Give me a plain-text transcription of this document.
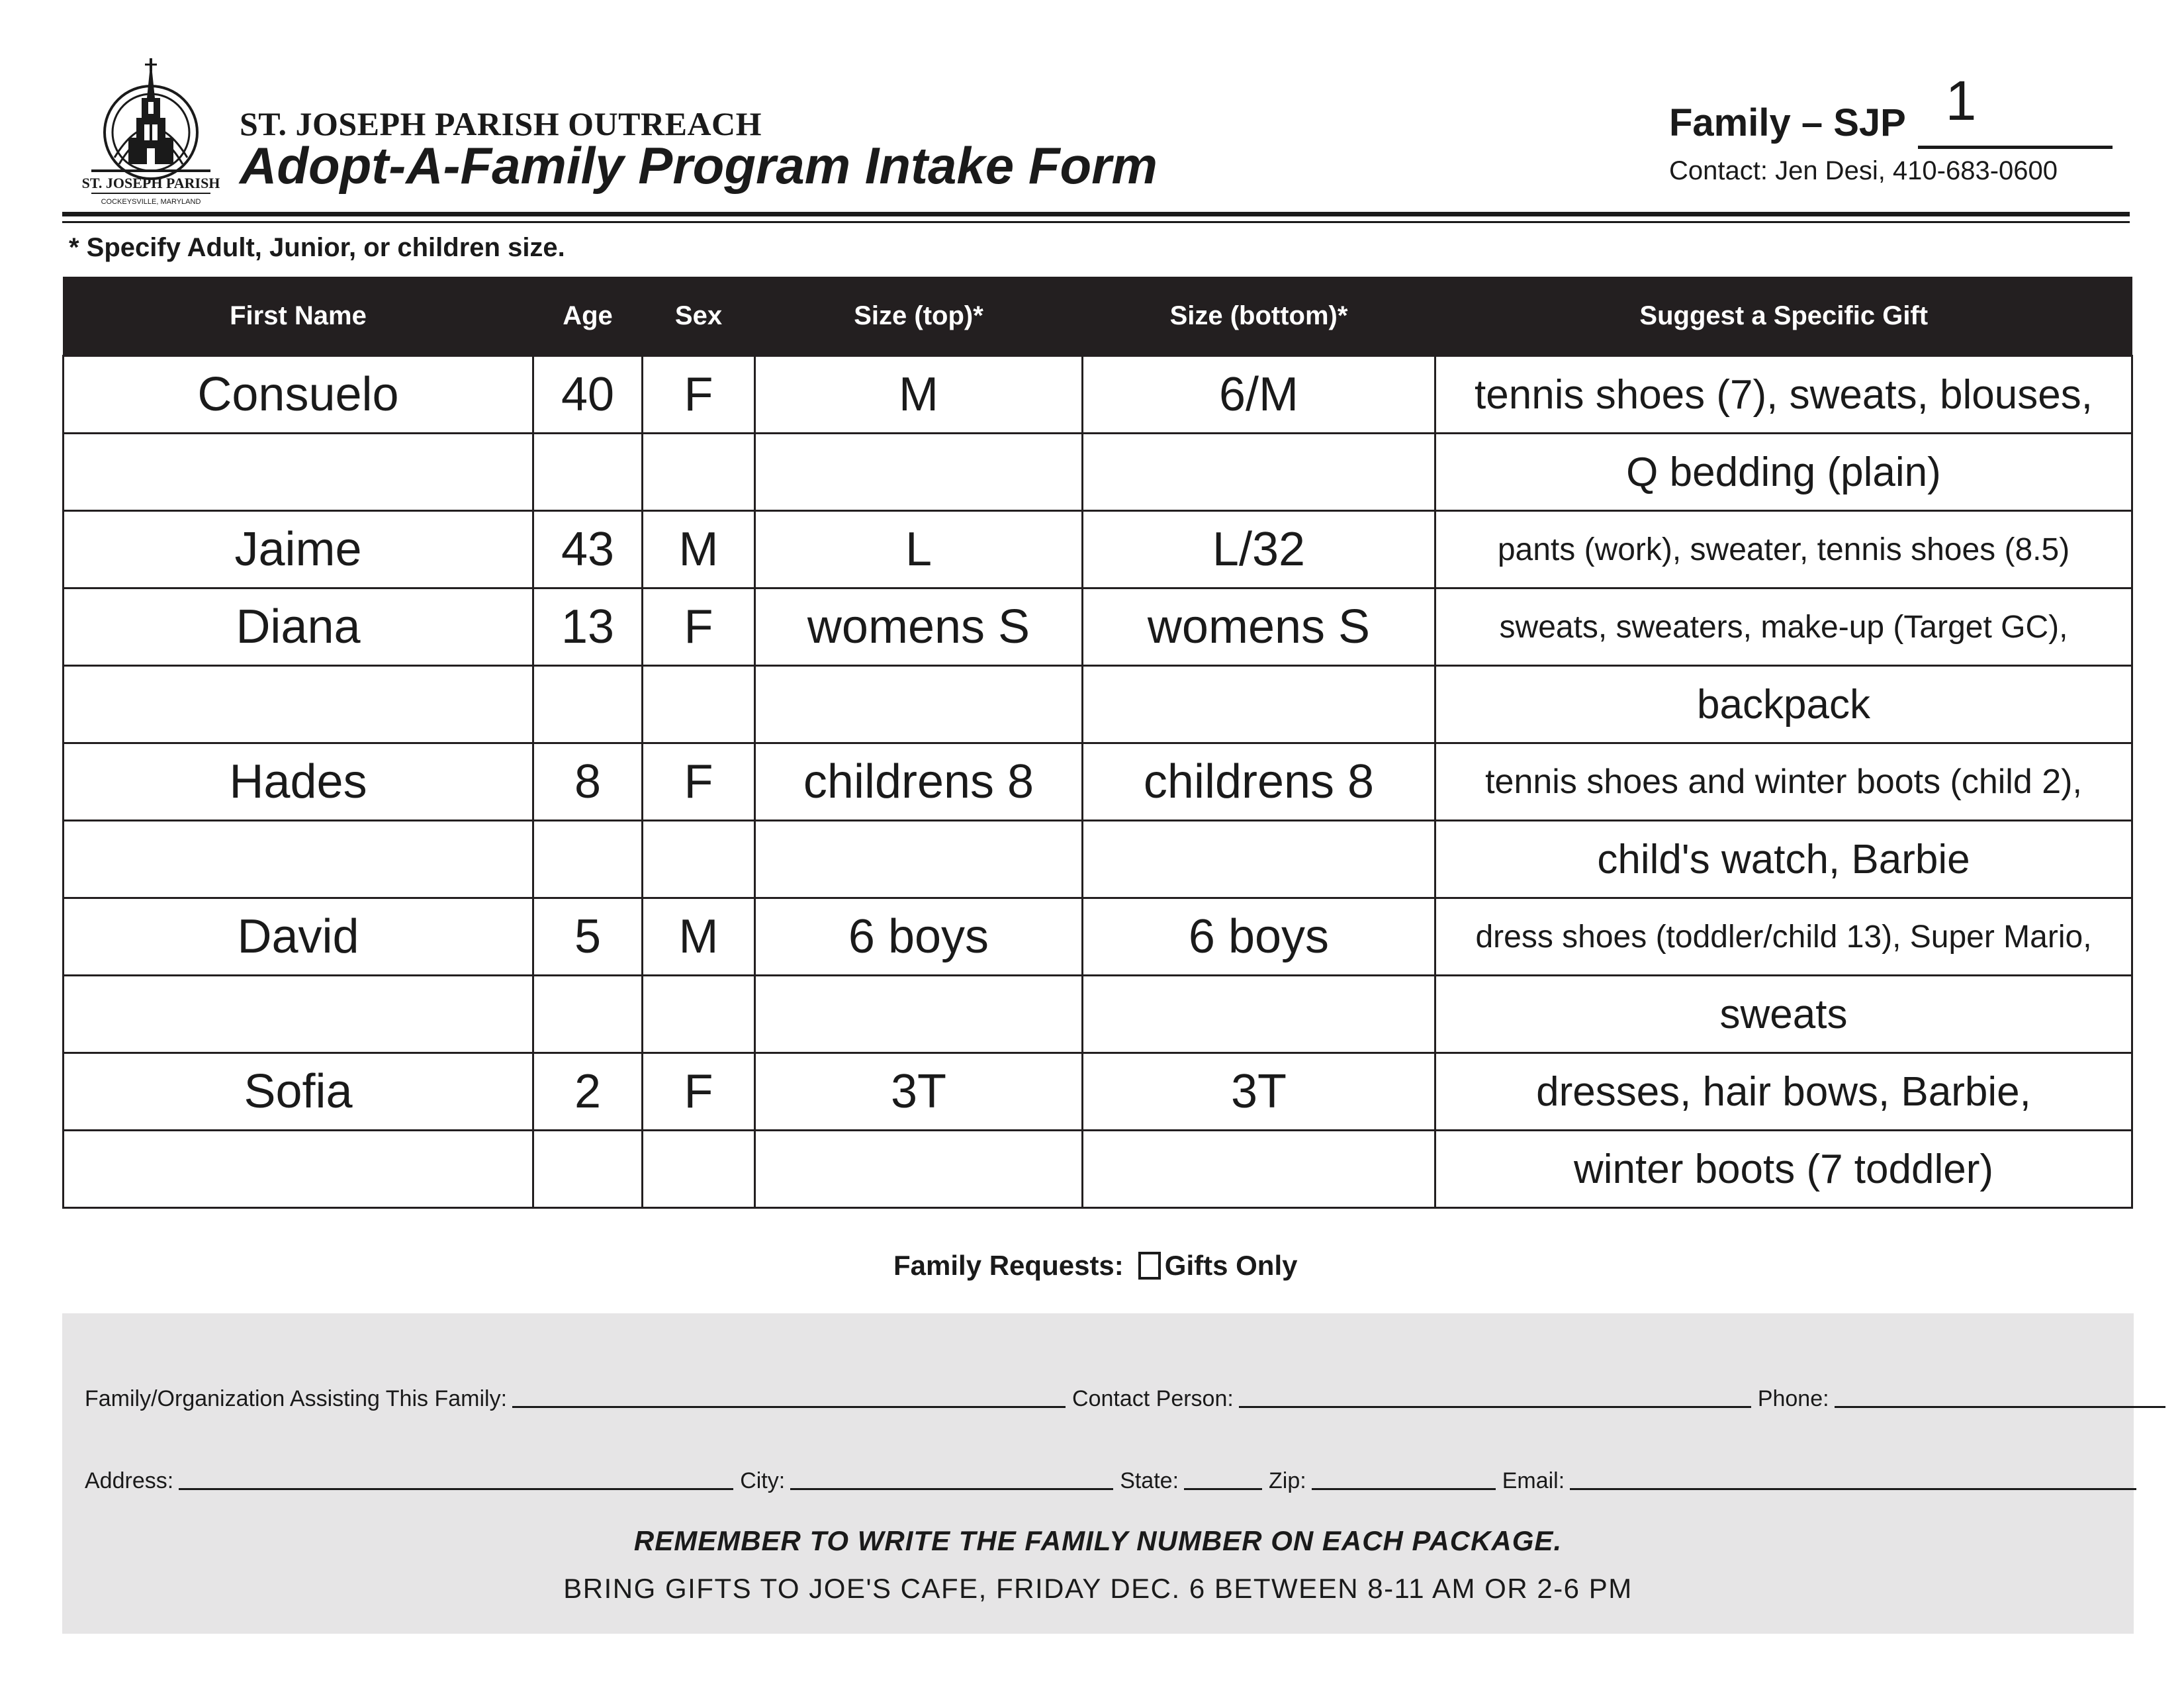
ST. JOSEPH PARISH
COCKEYSVILLE, MARYLAND
ST. JOSEPH PARISH OUTREACH
Adopt-A-Family Program Intake Form
Family – SJP 1
Contact: Jen Desi, 410-683-0600
* Specify Adult, Junior, or children size.
First Name	Age	Sex	Size (top)*	Size (bottom)*	Suggest a Specific Gift
Consuelo	40	F	M	6/M	tennis shoes (7), sweats, blouses,
					Q bedding (plain)
Jaime	43	M	L	L/32	pants (work), sweater, tennis shoes (8.5)
Diana	13	F	womens S	womens S	sweats, sweaters, make-up (Target GC),
					backpack
Hades	8	F	childrens 8	childrens 8	tennis shoes and winter boots (child 2),
					child's watch, Barbie
David	5	M	6 boys	6 boys	dress shoes (toddler/child 13), Super Mario,
					sweats
Sofia	2	F	3T	3T	dresses, hair bows, Barbie,
					winter boots (7 toddler)
Family Requests: Gifts Only
Family/Organization Assisting This Family:	Contact Person:	Phone:
Address:	City:	State:	Zip:	Email:
REMEMBER TO WRITE THE FAMILY NUMBER ON EACH PACKAGE.
BRING GIFTS TO JOE'S CAFE, FRIDAY DEC. 6 BETWEEN 8-11 AM OR 2-6 PM
